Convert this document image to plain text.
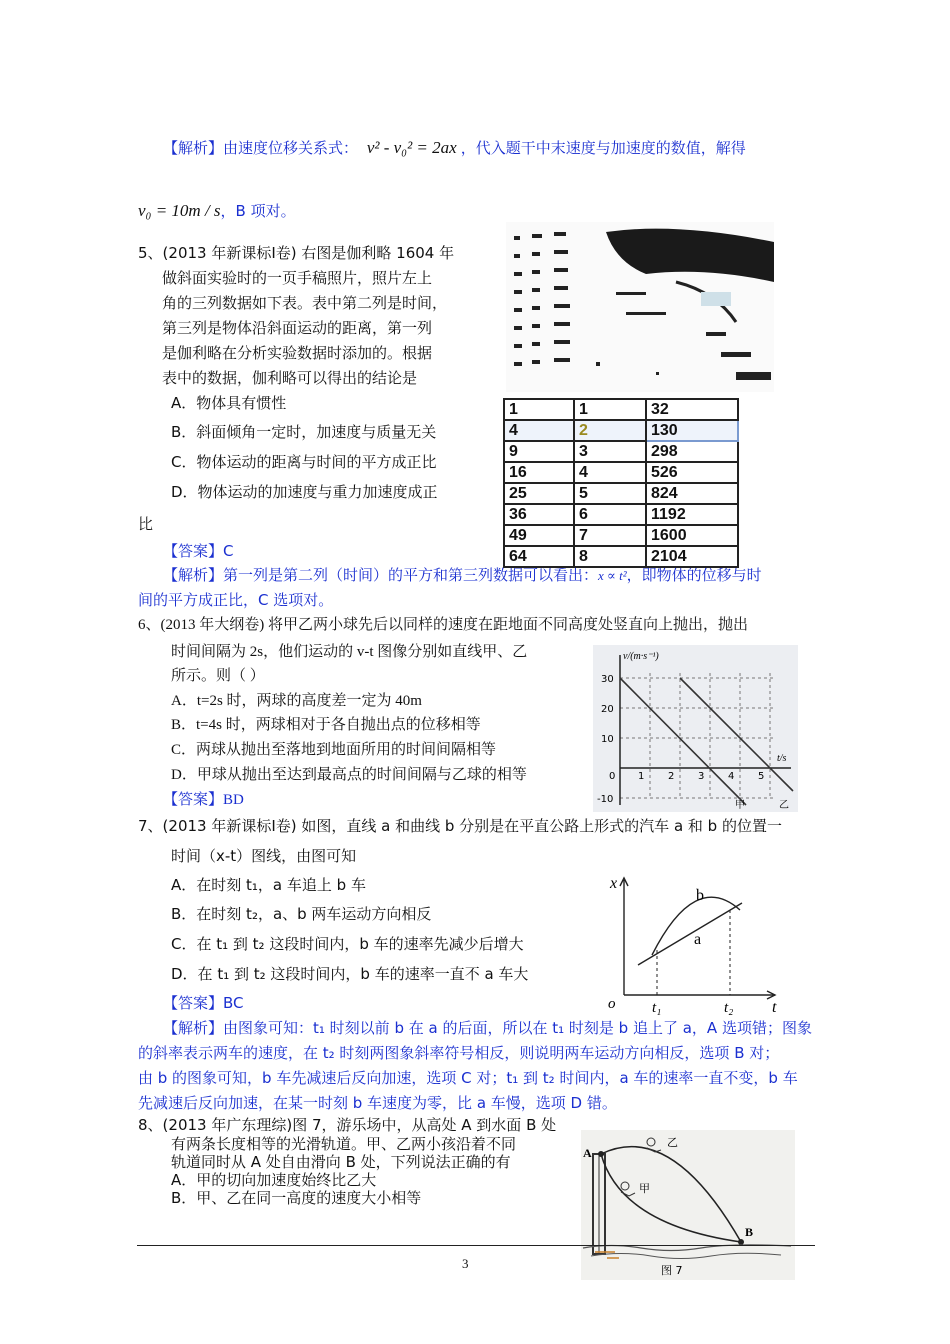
【解析】由速度位移关系式： v² - v₀² = 2ax ，代入题干中末速度与加速度的数值，解得
v₀ = 10m / s，B 项对。
5、(2013 年新课标Ⅰ卷) 右图是伽利略 1604 年
做斜面实验时的一页手稿照片，照片左上
角的三列数据如下表。表中第二列是时间，
第三列是物体沿斜面运动的距离，第一列
是伽利略在分析实验数据时添加的。根据
表中的数据，伽利略可以得出的结论是
A．物体具有惯性
B．斜面倾角一定时，加速度与质量无关
C．物体运动的距离与时间的平方成正比
D．物体运动的加速度与重力加速度成正
比
【答案】C
【解析】第一列是第二列（时间）的平方和第三列数据可以看出：x ∝ t²，即物体的位移与时
间的平方成正比，C 选项对。
1	1	32
4	2	130
9	3	298
16	4	526
25	5	824
36	6	1192
49	7	1600
64	8	2104
6、(2013 年大纲卷) 将甲乙两小球先后以同样的速度在距地面不同高度处竖直向上抛出，抛出
时间间隔为 2s，他们运动的 v-t 图像分别如直线甲、乙
所示。则（ ）
A．t=2s 时，两球的高度差一定为 40m
B．t=4s 时，两球相对于各自抛出点的位移相等
C．两球从抛出至落地到地面所用的时间间隔相等
D．甲球从抛出至达到最高点的时间间隔与乙球的相等
【答案】BD
v/(m·s⁻¹)
t/s
30
20
10
-10
0 1 2 3 4 5
甲	乙
7、(2013 年新课标Ⅰ卷) 如图，直线 a 和曲线 b 分别是在平直公路上形式的汽车 a 和 b 的位置一
时间（x-t）图线，由图可知
A．在时刻 t₁，a 车追上 b 车
B．在时刻 t₂，a、b 两车运动方向相反
C．在 t₁ 到 t₂ 这段时间内，b 车的速率先减少后增大
D．在 t₁ 到 t₂ 这段时间内，b 车的速率一直不 a 车大
【答案】BC
【解析】由图象可知：t₁ 时刻以前 b 在 a 的后面，所以在 t₁ 时刻是 b 追上了 a，A 选项错；图象
的斜率表示两车的速度，在 t₂ 时刻两图象斜率符号相反，则说明两车运动方向相反，选项 B 对；
由 b 的图象可知，b 车先减速后反向加速，选项 C 对；t₁ 到 t₂ 时间内，a 车的速率一直不变，b 车
先减速后反向加速，在某一时刻 b 车速度为零，比 a 车慢，选项 D 错。
x
t
o t₁	t₂
a
b
8、(2013 年广东理综)图 7，游乐场中，从高处 A 到水面 B 处
有两条长度相等的光滑轨道。甲、乙两小孩沿着不同
轨道同时从 A 处自由滑向 B 处，下列说法正确的有
A．甲的切向加速度始终比乙大
B．甲、乙在同一高度的速度大小相等
A
B
乙
甲
图 7
3
